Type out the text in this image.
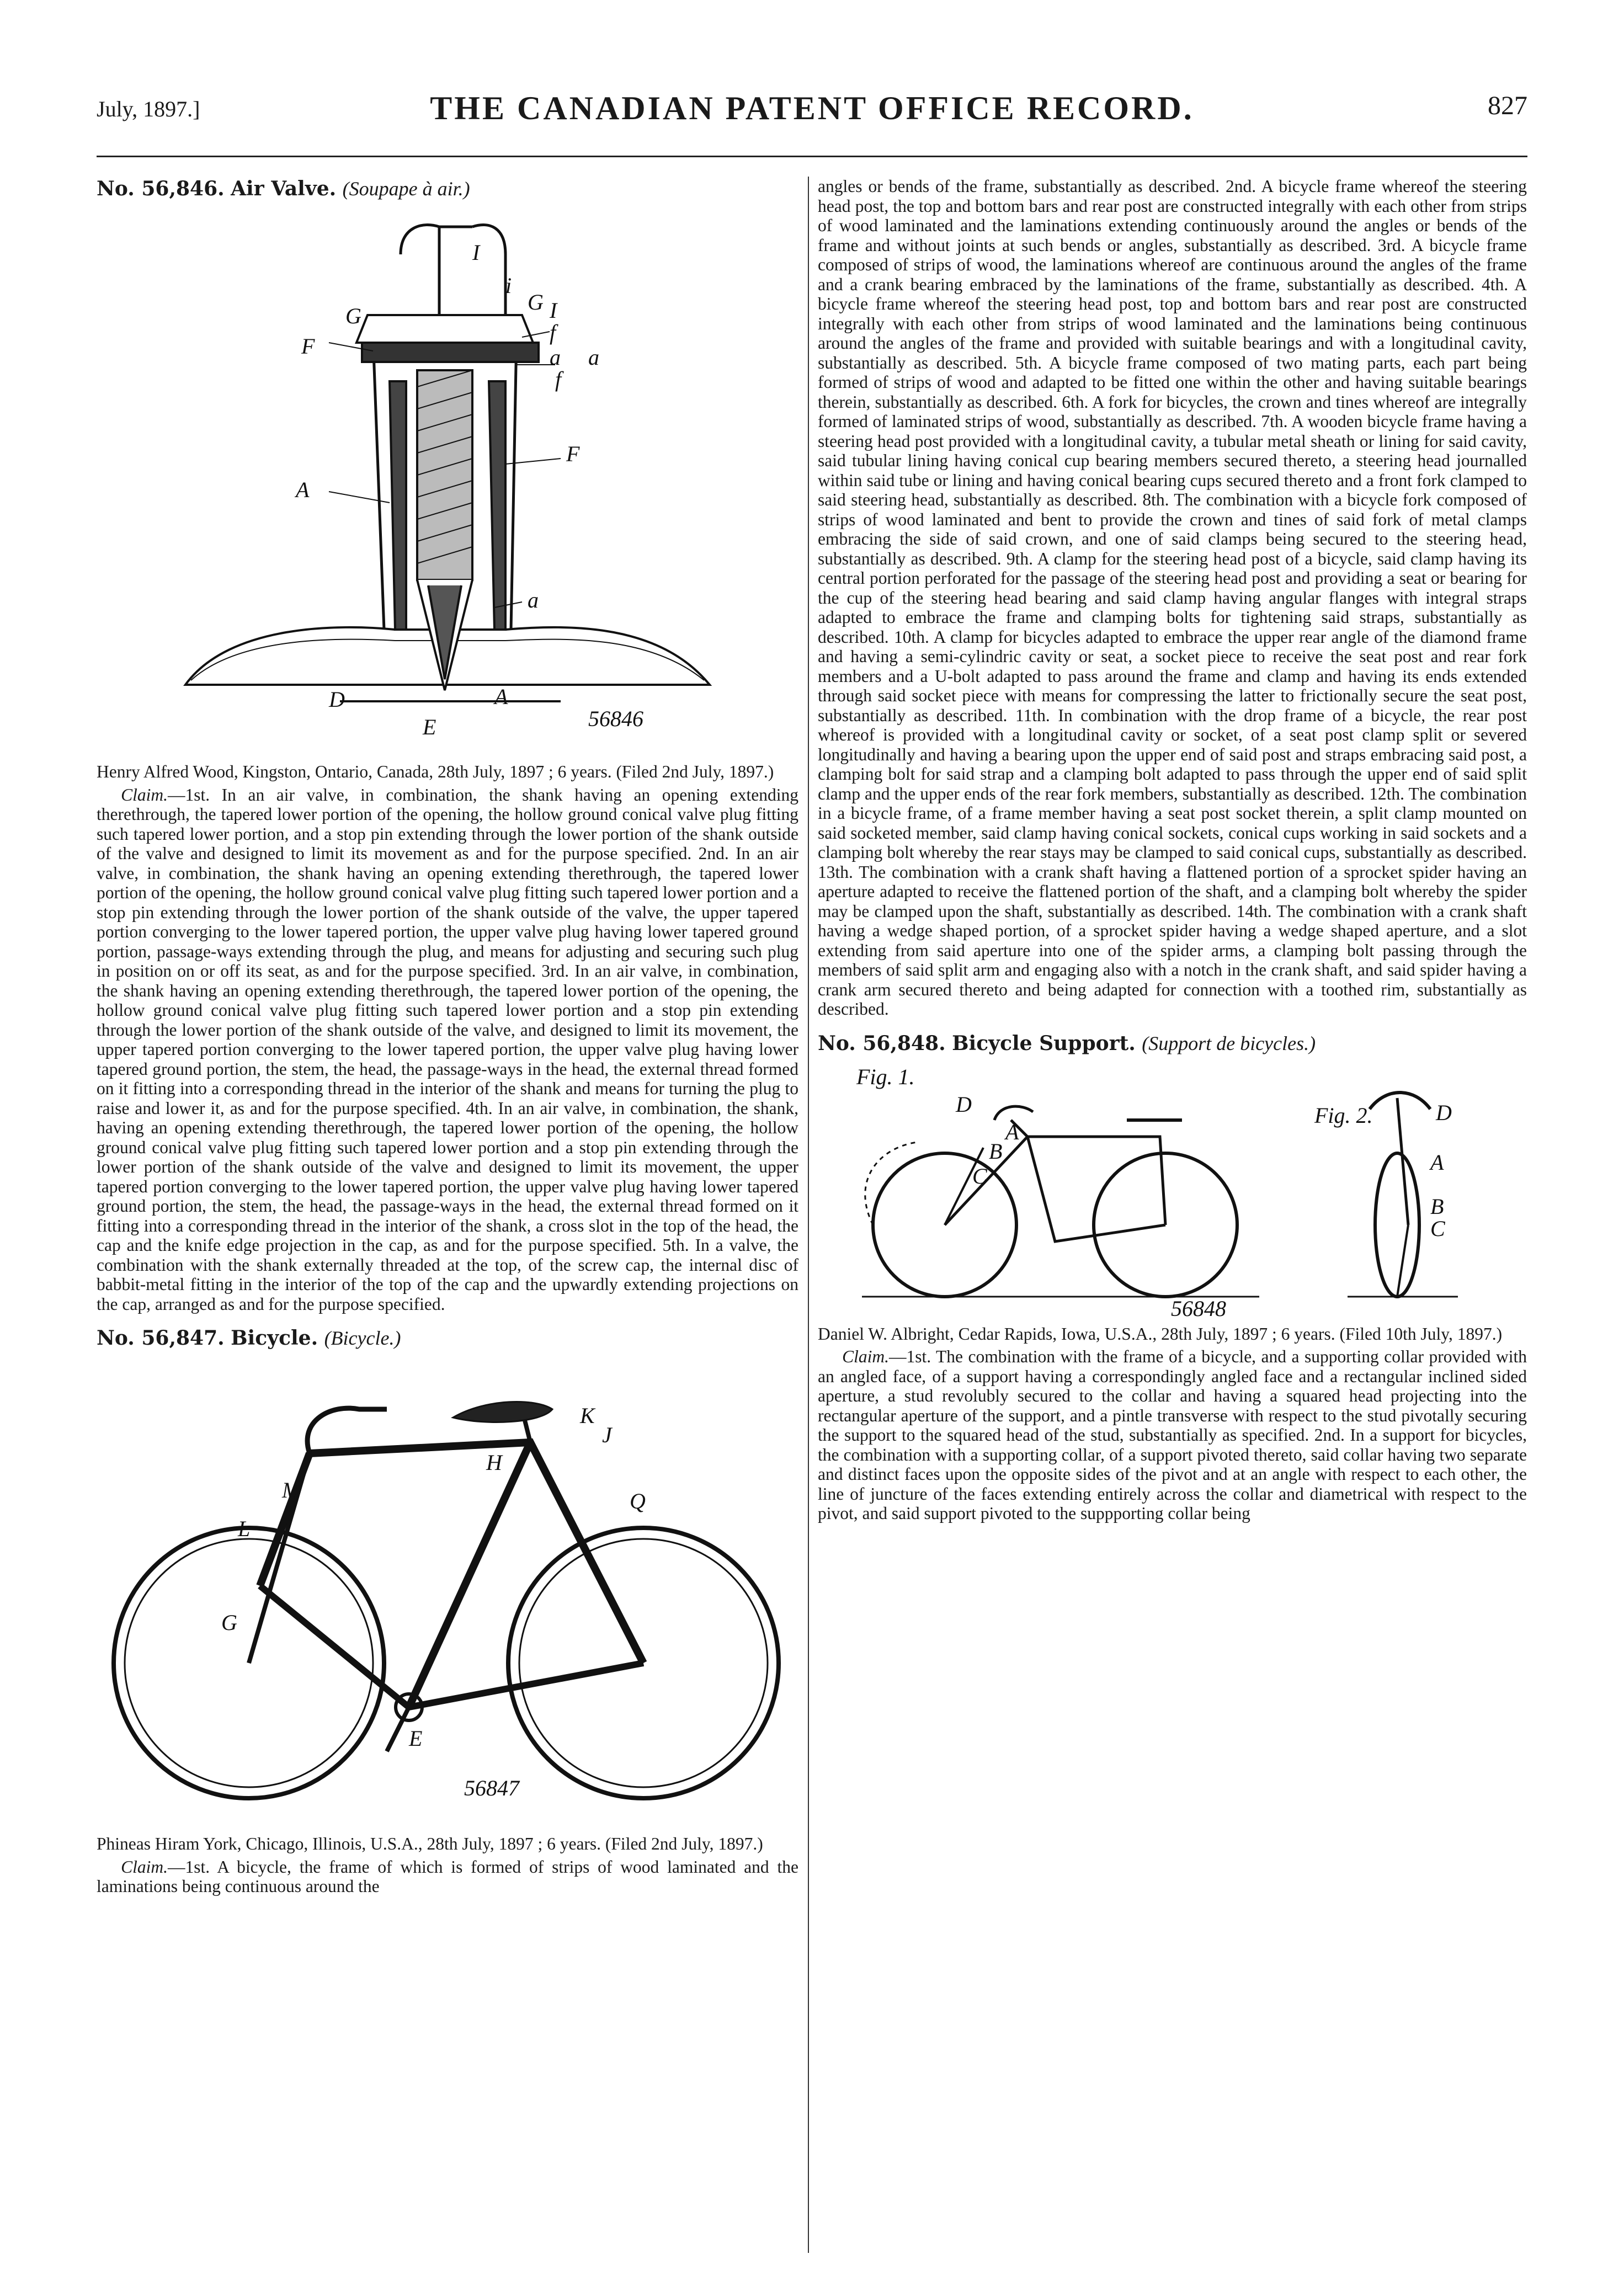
July, 1897.]	THE CANADIAN PATENT OFFICE RECORD.	827
No. 56,846. Air Valve. (Soupape à air.)
I
i
G	I
G
f
F	a a
f
F
A
a
D	A
E	56846

Henry Alfred Wood, Kingston, Ontario, Canada, 28th July, 1897 ; 6 years. (Filed 2nd July, 1897.)

Claim.—1st. In an air valve, in combination, the shank having an opening extending therethrough, the tapered lower portion of the opening, the hollow ground conical valve plug fitting such tapered lower portion, and a stop pin extending through the lower portion of the shank outside of the valve and designed to limit its movement as and for the purpose specified. 2nd. In an air valve, in combination, the shank having an opening extending therethrough, the tapered lower portion of the opening, the hollow ground conical valve plug fitting such tapered lower portion and a stop pin extending through the lower portion of the shank outside of the valve, the upper tapered portion converging to the lower tapered portion, the upper valve plug having lower tapered ground portion, passage-ways extending through the plug, and means for adjusting and securing such plug in position on or off its seat, as and for the purpose specified. 3rd. In an air valve, in combination, the shank having an opening extending therethrough, the tapered lower portion of the opening, the hollow ground conical valve plug fitting such tapered lower portion and a stop pin extending through the lower portion of the shank outside of the valve, and designed to limit its movement, the upper tapered portion converging to the lower tapered portion, the upper valve plug having lower tapered ground portion, the stem, the head, the passage-ways in the head, the external thread formed on it fitting into a corresponding thread in the interior of the shank and means for turning the plug to raise and lower it, as and for the purpose specified. 4th. In an air valve, in combination, the shank, having an opening extending therethrough, the tapered lower portion of the opening, the hollow ground conical valve plug fitting such tapered lower portion and a stop pin extending through the lower portion of the shank outside of the valve and designed to limit its movement, the upper tapered portion converging to the lower tapered portion, the upper valve plug having lower tapered ground portion, the stem, the head, the passage-ways in the head, the external thread formed on it fitting into a corresponding thread in the interior of the shank, a cross slot in the top of the head, the cap and the knife edge projection in the cap, as and for the purpose specified. 5th. In a valve, the combination with the shank externally threaded at the top, of the screw cap, the internal disc of babbit-metal fitting in the interior of the top of the cap and the upwardly extending projections on the cap, arranged as and for the purpose specified.

No. 56,847. Bicycle. (Bicycle.)
K
J
H
M
L
Q
G
E
56847

Phineas Hiram York, Chicago, Illinois, U.S.A., 28th July, 1897 ; 6 years. (Filed 2nd July, 1897.)

Claim.—1st. A bicycle, the frame of which is formed of strips of wood laminated and the laminations being continuous around the

angles or bends of the frame, substantially as described. 2nd. A bicycle frame whereof the steering head post, the top and bottom bars and rear post are constructed integrally with each other from strips of wood laminated and the laminations extending continuously around the angles or bends of the frame and without joints at such bends or angles, substantially as described. 3rd. A bicycle frame composed of strips of wood, the laminations whereof are continuous around the angles of the frame and a crank bearing embraced by the laminations of the frame, substantially as described. 4th. A bicycle frame whereof the steering head post, top and bottom bars and rear post are constructed integrally with each other from strips of wood laminated and the laminations being continuous around the angles of the frame and provided with suitable bearings and with a longitudinal cavity, substantially as described. 5th. A bicycle frame composed of two mating parts, each part being formed of strips of wood and adapted to be fitted one within the other and having suitable bearings therein, substantially as described. 6th. A fork for bicycles, the crown and tines whereof are integrally formed of laminated strips of wood, substantially as described. 7th. A wooden bicycle frame having a steering head post provided with a longitudinal cavity, a tubular metal sheath or lining for said cavity, said tubular lining having conical cup bearing members secured thereto, a steering head journalled within said tube or lining and having conical bearing cups secured thereto and a front fork clamped to said steering head, substantially as described. 8th. The combination with a bicycle fork composed of strips of wood laminated and bent to provide the crown and tines of said fork of metal clamps embracing the side of said crown, and one of said clamps being secured to the steering head, substantially as described. 9th. A clamp for the steering head post of a bicycle, said clamp having its central portion perforated for the passage of the steering head post and providing a seat or bearing for the cup of the steering head bearing and said clamp having angular flanges with integral straps adapted to embrace the frame and clamping bolts for tightening said straps, substantially as described. 10th. A clamp for bicycles adapted to embrace the upper rear angle of the diamond frame and having a semi-cylindric cavity or seat, a socket piece to receive the seat post and rear fork members and a U-bolt adapted to pass around the frame and clamp and having its ends extended through said socket piece with means for compressing the latter to frictionally secure the seat post, substantially as described. 11th. In combination with the drop frame of a bicycle, the rear post whereof is provided with a longitudinal cavity or socket, of a seat post clamp split or severed longitudinally and having a bearing upon the upper end of said post and straps embracing said post, a clamping bolt for said strap and a clamping bolt adapted to pass through the upper end of said split clamp and the upper ends of the rear fork members, substantially as described. 12th. The combination in a bicycle frame, of a frame member having a seat post socket therein, a split clamp mounted on said socketed member, said clamp having conical sockets, conical cups working in said sockets and a clamping bolt whereby the rear stays may be clamped to said conical cups, substantially as described. 13th. The combination with a crank shaft having a flattened portion of a sprocket spider having an aperture adapted to receive the flattened portion of the shaft, and a clamping bolt whereby the spider may be clamped upon the shaft, substantially as described. 14th. The combination with a crank shaft having a wedge shaped portion, of a sprocket spider having a wedge shaped aperture, and a slot extending from said aperture into one of the spider arms, a clamping bolt passing through the members of said split arm and engaging also with a notch in the crank shaft, and said spider having a crank arm secured thereto and being adapted for connection with a toothed rim, substantially as described.

No. 56,848. Bicycle Support. (Support de bicycles.)
Fig. 1.
D
A
B
C
Fig. 2.	D
A
B
C
56848

Daniel W. Albright, Cedar Rapids, Iowa, U.S.A., 28th July, 1897 ; 6 years. (Filed 10th July, 1897.)

Claim.—1st. The combination with the frame of a bicycle, and a supporting collar provided with an angled face, of a support having a correspondingly angled face and a rectangular inclined sided aperture, a stud revolubly secured to the collar and having a squared head projecting into the rectangular aperture of the support, and a pintle transverse with respect to the stud pivotally securing the support to the squared head of the stud, substantially as specified. 2nd. In a support for bicycles, the combination with a supporting collar, of a support pivoted thereto, said collar having two separate and distinct faces upon the opposite sides of the pivot and at an angle with respect to each other, the line of juncture of the faces extending entirely across the collar and diametrical with respect to the pivot, and said support pivoted to the suppporting collar being
